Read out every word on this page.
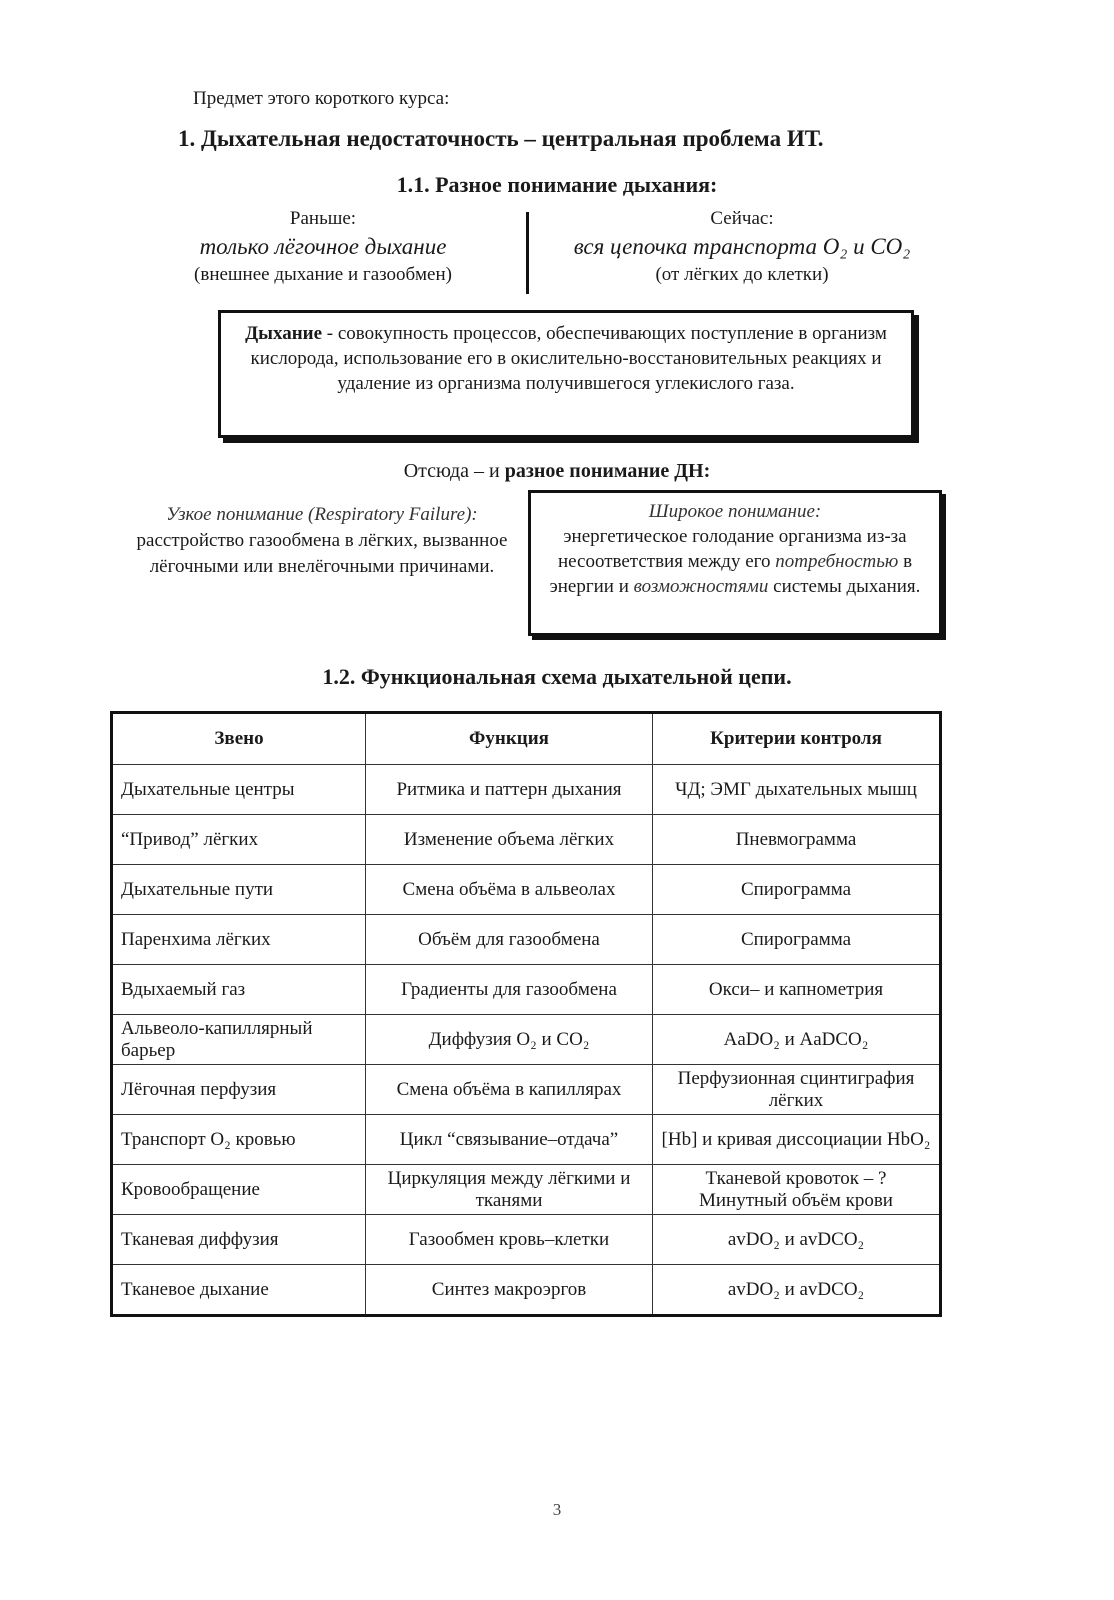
Предмет этого короткого курса:
1. Дыхательная недостаточность – центральная проблема ИТ.
1.1. Разное понимание дыхания:
Раньше:
только лёгочное дыхание
(внешнее дыхание и газообмен)
Сейчас:
вся цепочка транспорта O₂ и CO₂
(от лёгких до клетки)
Дыхание - совокупность процессов, обеспечивающих поступление в организм кислорода, использование его в окислительно-восстановительных реакциях и удаление из организма получившегося углекислого газа.
Отсюда – и разное понимание ДН:
Узкое понимание (Respiratory Failure):
расстройство газообмена в лёгких, вызванное лёгочными или внелёгочными причинами.
Широкое понимание:
энергетическое голодание организма из-за несоответствия между его потребностью в энергии и возможностями системы дыхания.
1.2. Функциональная схема дыхательной цепи.
Звено	Функция	Критерии контроля
Дыхательные центры	Ритмика и паттерн дыхания	ЧД; ЭМГ дыхательных мышц
“Привод” лёгких	Изменение объема лёгких	Пневмограмма
Дыхательные пути	Смена объёма в альвеолах	Спирограмма
Паренхима лёгких	Объём для газообмена	Спирограмма
Вдыхаемый газ	Градиенты для газообмена	Окси– и капнометрия
Альвеоло-капиллярный барьер	Диффузия O₂ и CO₂	AaDO₂ и AaDCO₂
Лёгочная перфузия	Смена объёма в капиллярах	Перфузионная сцинтиграфия лёгких
Транспорт O₂ кровью	Цикл “связывание–отдача”	[Hb] и кривая диссоциации HbO₂
Кровообращение	Циркуляция между лёгкими и тканями	Тканевой кровоток – ? Минутный объём крови
Тканевая диффузия	Газообмен кровь–клетки	avDO₂ и avDCO₂
Тканевое дыхание	Синтез макроэргов	avDO₂ и avDCO₂
3
